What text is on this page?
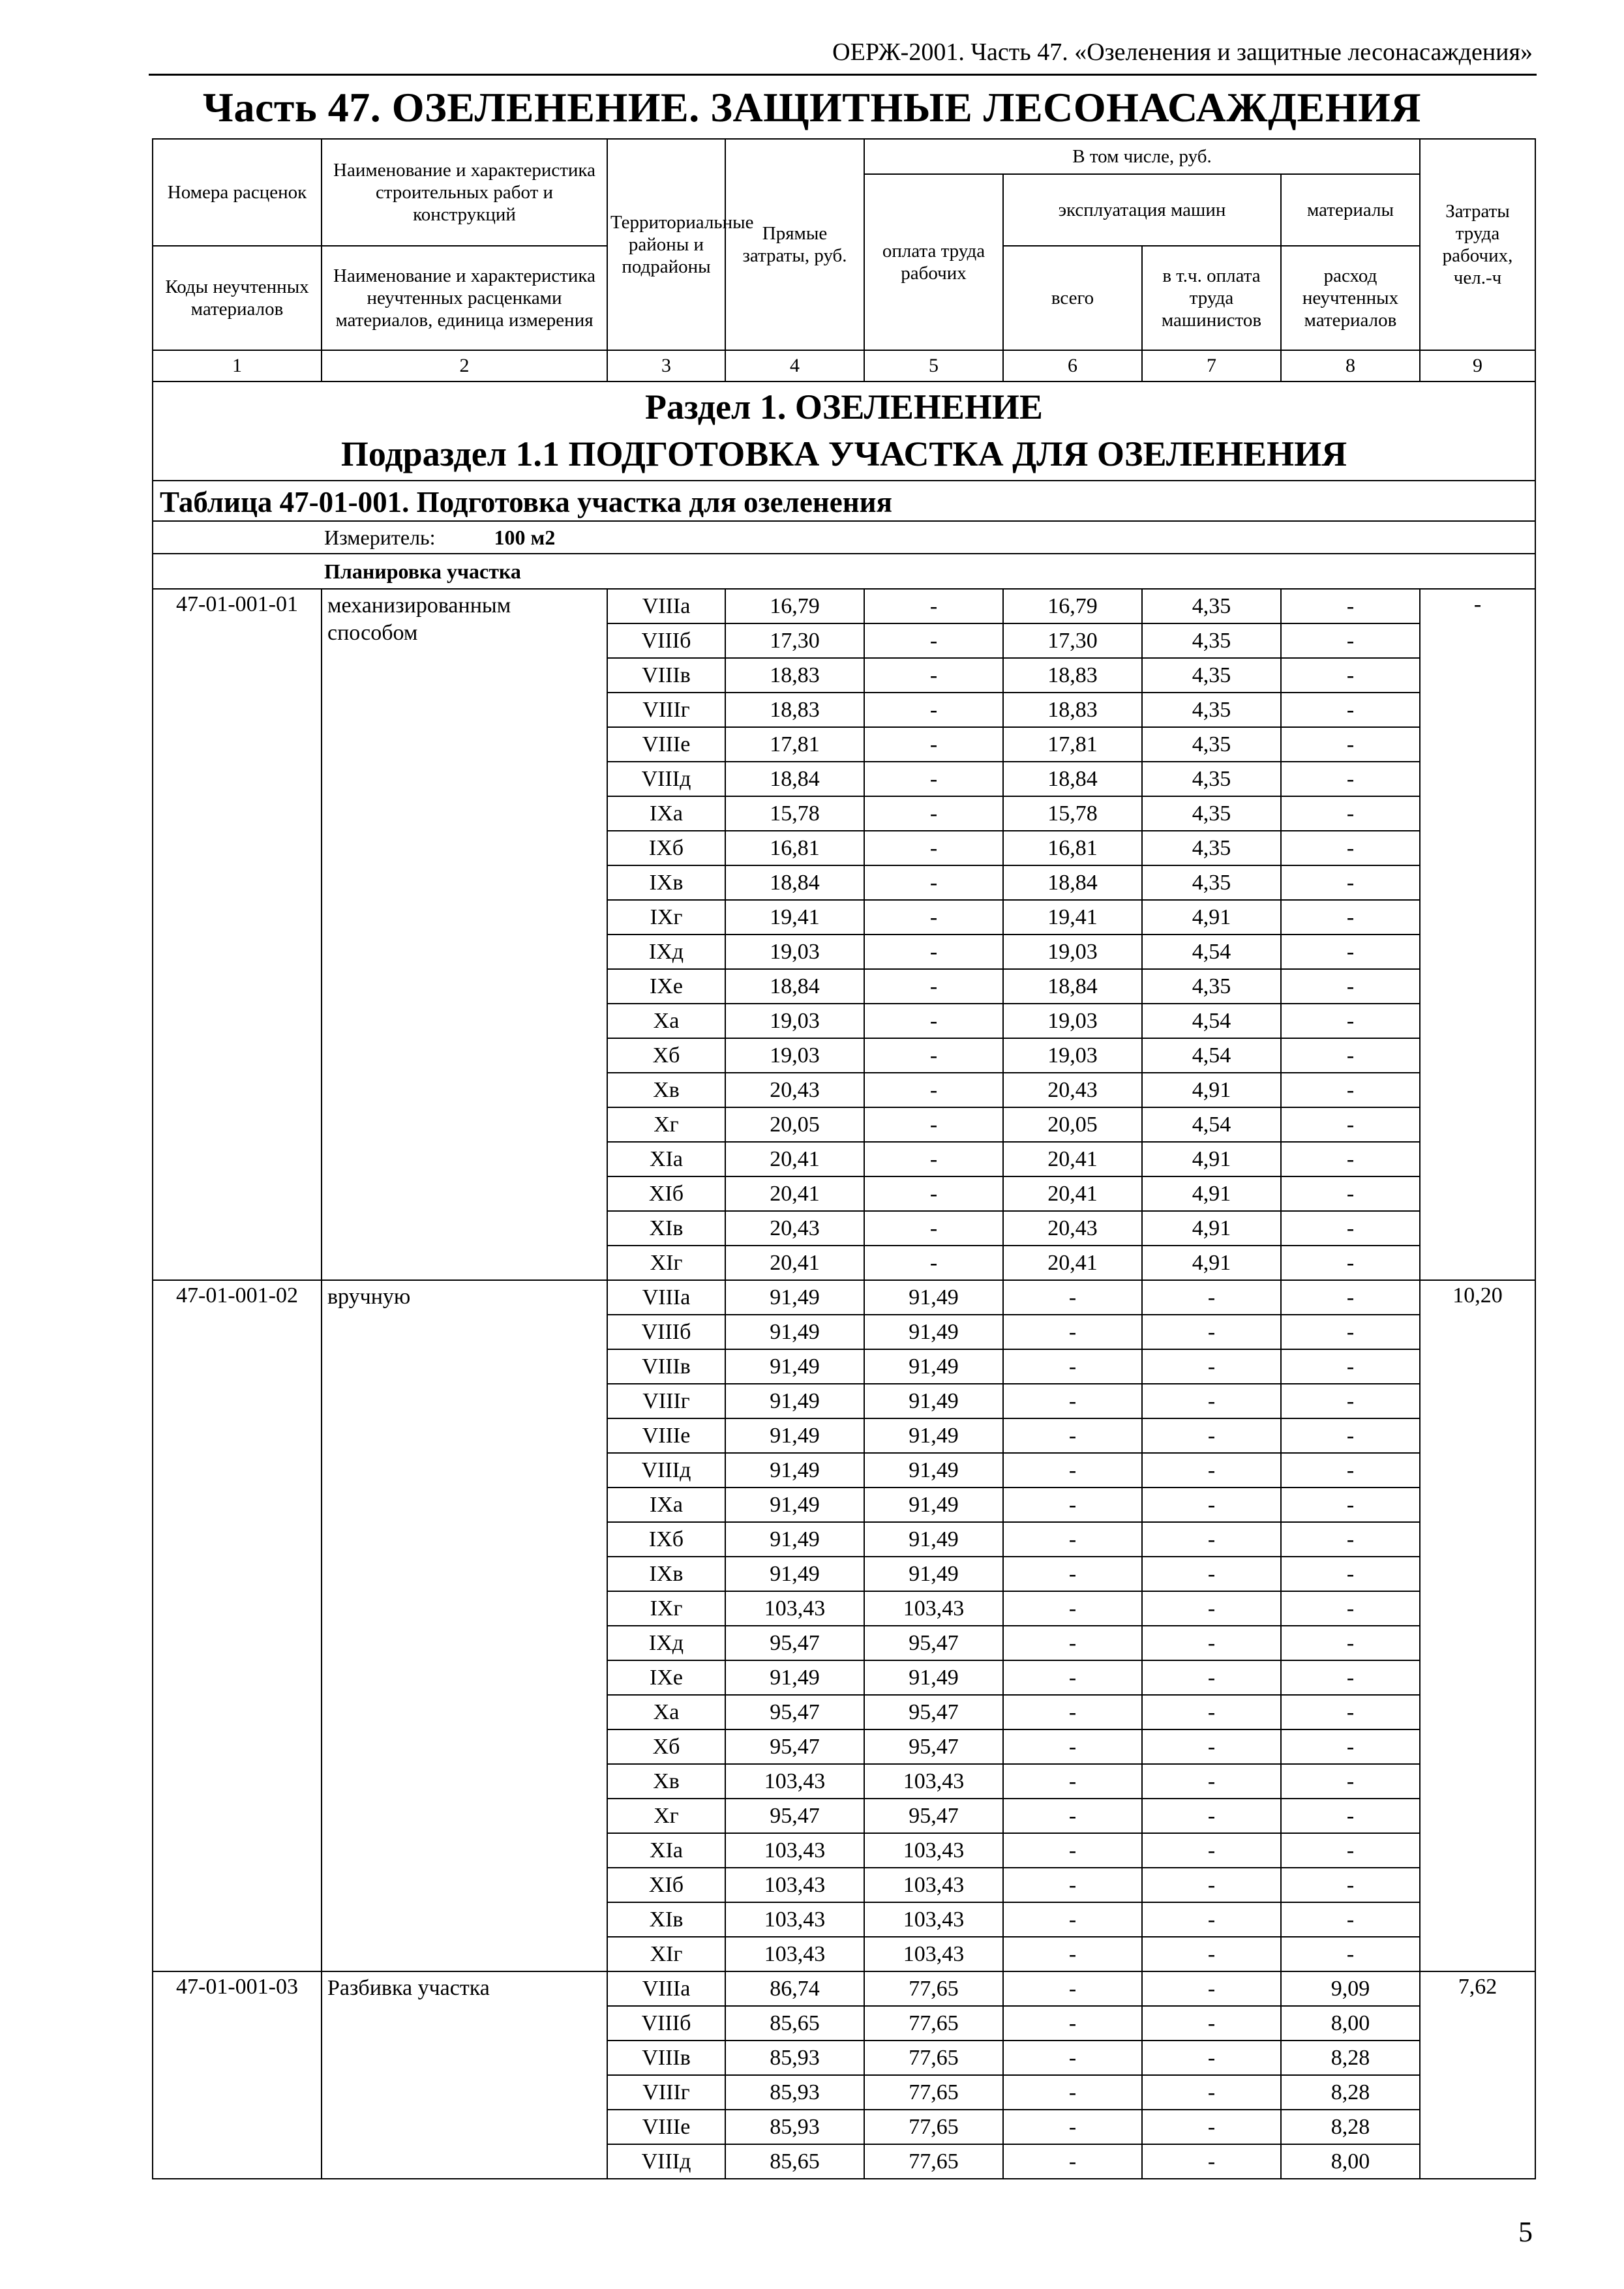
ОЕРЖ-2001. Часть 47. «Озеленения и защитные лесонасаждения»
Часть 47. ОЗЕЛЕНЕНИЕ. ЗАЩИТНЫЕ ЛЕСОНАСАЖДЕНИЯ
Номера расценок	Наименование и характеристика строительных работ и конструкций	Территориальные районы и подрайоны	Прямые затраты, руб.	В том числе, руб.				Затраты труда рабочих, чел.-ч
				оплата труда рабочих	эксплуатация машин		материалы	
Коды неучтенных материалов	Наименование и характеристика неучтенных расценками материалов, единица измерения				всего	в т.ч. оплата труда машинистов	расход неучтенных материалов	
1	2	3	4	5	6	7	8	9

Раздел 1. ОЗЕЛЕНЕНИЕ
Подраздел 1.1 ПОДГОТОВКА УЧАСТКА ДЛЯ ОЗЕЛЕНЕНИЯ								

Таблица 47-01-001. Подготовка участка для озеленения								
Измеритель: 100 м2								
Планировка участка								
47-01-001-01	механизированным способом	VIIIа	16,79	-	16,79	4,35	-	-
		VIIIб	17,30	-	17,30	4,35	-	
		VIIIв	18,83	-	18,83	4,35	-	
		VIIIг	18,83	-	18,83	4,35	-	
		VIIIе	17,81	-	17,81	4,35	-	
		VIIIд	18,84	-	18,84	4,35	-	
		IXа	15,78	-	15,78	4,35	-	
		IXб	16,81	-	16,81	4,35	-	
		IXв	18,84	-	18,84	4,35	-	
		IXг	19,41	-	19,41	4,91	-	
		IXд	19,03	-	19,03	4,54	-	
		IXе	18,84	-	18,84	4,35	-	
		Xа	19,03	-	19,03	4,54	-	
		Xб	19,03	-	19,03	4,54	-	
		Xв	20,43	-	20,43	4,91	-	
		Xг	20,05	-	20,05	4,54	-	
		XIа	20,41	-	20,41	4,91	-	
		XIб	20,41	-	20,41	4,91	-	
		XIв	20,43	-	20,43	4,91	-	
		XIг	20,41	-	20,41	4,91	-	
47-01-001-02	вручную	VIIIа	91,49	91,49	-	-	-	10,20
		VIIIб	91,49	91,49	-	-	-	
		VIIIв	91,49	91,49	-	-	-	
		VIIIг	91,49	91,49	-	-	-	
		VIIIе	91,49	91,49	-	-	-	
		VIIIд	91,49	91,49	-	-	-	
		IXа	91,49	91,49	-	-	-	
		IXб	91,49	91,49	-	-	-	
		IXв	91,49	91,49	-	-	-	
		IXг	103,43	103,43	-	-	-	
		IXд	95,47	95,47	-	-	-	
		IXе	91,49	91,49	-	-	-	
		Xа	95,47	95,47	-	-	-	
		Xб	95,47	95,47	-	-	-	
		Xв	103,43	103,43	-	-	-	
		Xг	95,47	95,47	-	-	-	
		XIа	103,43	103,43	-	-	-	
		XIб	103,43	103,43	-	-	-	
		XIв	103,43	103,43	-	-	-	
		XIг	103,43	103,43	-	-	-	
47-01-001-03	Разбивка участка	VIIIа	86,74	77,65	-	-	9,09	7,62
		VIIIб	85,65	77,65	-	-	8,00	
		VIIIв	85,93	77,65	-	-	8,28	
		VIIIг	85,93	77,65	-	-	8,28	
		VIIIе	85,93	77,65	-	-	8,28	
		VIIIд	85,65	77,65	-	-	8,00	
5
